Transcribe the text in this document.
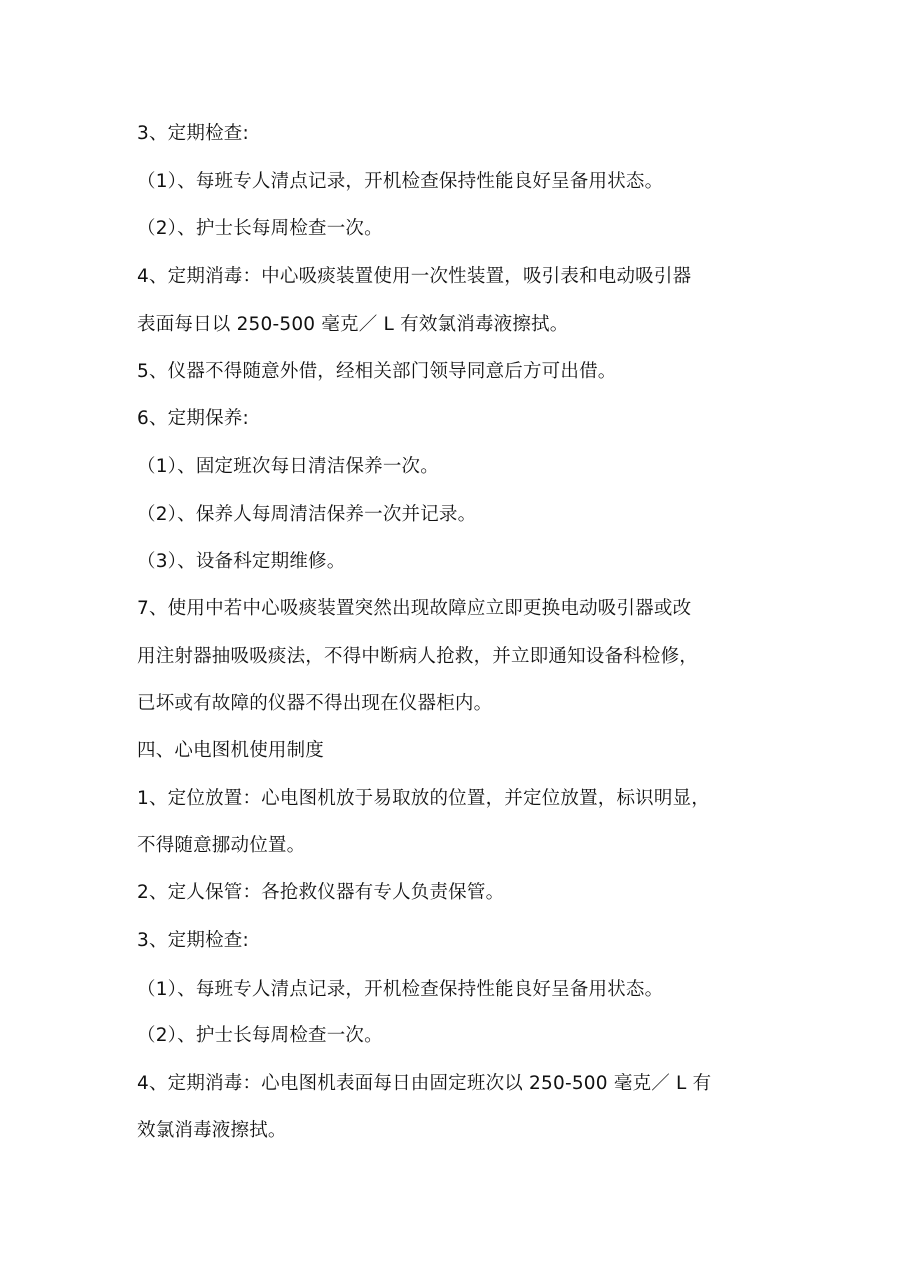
3、定期检查:
（1）、每班专人清点记录，开机检查保持性能良好呈备用状态。
（2）、护士长每周检查一次。
4、定期消毒：中心吸痰装置使用一次性装置，吸引表和电动吸引器
表面每日以 250-500 毫克／ L 有效氯消毒液擦拭。
5、仪器不得随意外借，经相关部门领导同意后方可出借。
6、定期保养:
（1）、固定班次每日清洁保养一次。
（2）、保养人每周清洁保养一次并记录。
（3）、设备科定期维修。
7、使用中若中心吸痰装置突然出现故障应立即更换电动吸引器或改
用注射器抽吸吸痰法，不得中断病人抢救，并立即通知设备科检修，
已坏或有故障的仪器不得出现在仪器柜内。
四、心电图机使用制度
1、定位放置：心电图机放于易取放的位置，并定位放置，标识明显，
不得随意挪动位置。
2、定人保管：各抢救仪器有专人负责保管。
3、定期检查:
（1）、每班专人清点记录，开机检查保持性能良好呈备用状态。
（2）、护士长每周检查一次。
4、定期消毒：心电图机表面每日由固定班次以 250-500 毫克／ L 有
效氯消毒液擦拭。
